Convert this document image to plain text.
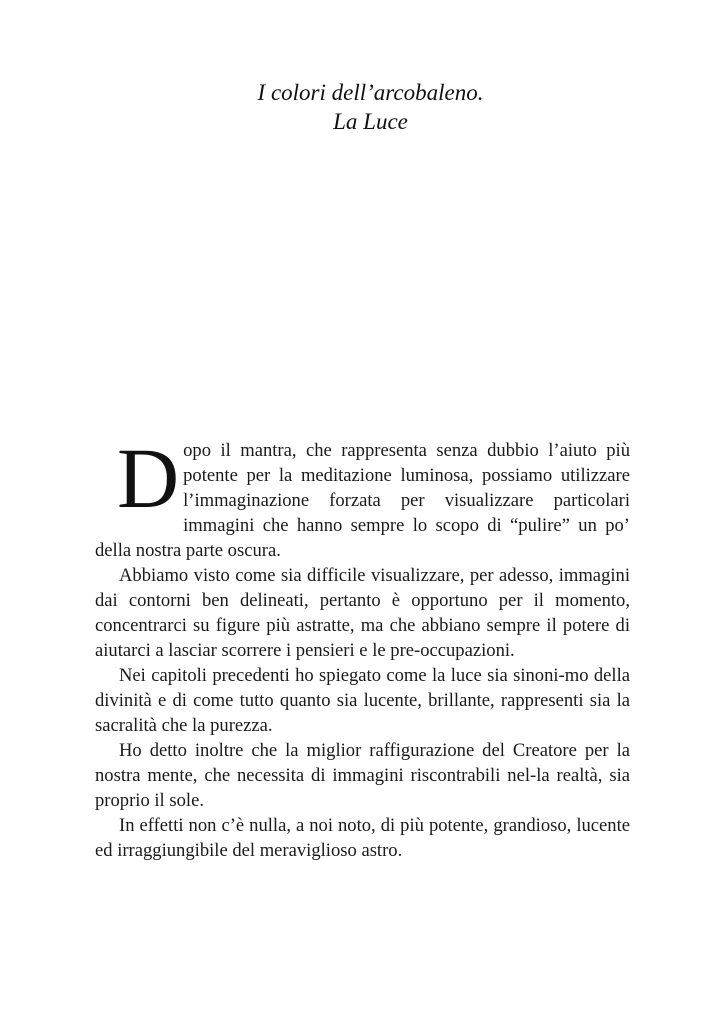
I colori dell’arcobaleno.
La Luce

Dopo il mantra, che rappresenta senza dubbio l’aiuto più potente per la meditazione luminosa, possiamo utilizzare l’immaginazione forzata per visualizzare particolari immagini che hanno sempre lo scopo di “pulire” un po’ della nostra parte oscura.

Abbiamo visto come sia difficile visualizzare, per adesso, immagini dai contorni ben delineati, pertanto è opportuno per il momento, concentrarci su figure più astratte, ma che abbiano sempre il potere di aiutarci a lasciar scorrere i pensieri e le pre-occupazioni.

Nei capitoli precedenti ho spiegato come la luce sia sinoni-mo della divinità e di come tutto quanto sia lucente, brillante, rappresenti sia la sacralità che la purezza.

Ho detto inoltre che la miglior raffigurazione del Creatore per la nostra mente, che necessita di immagini riscontrabili nel-la realtà, sia proprio il sole.

In effetti non c’è nulla, a noi noto, di più potente, grandioso, lucente ed irraggiungibile del meraviglioso astro.
